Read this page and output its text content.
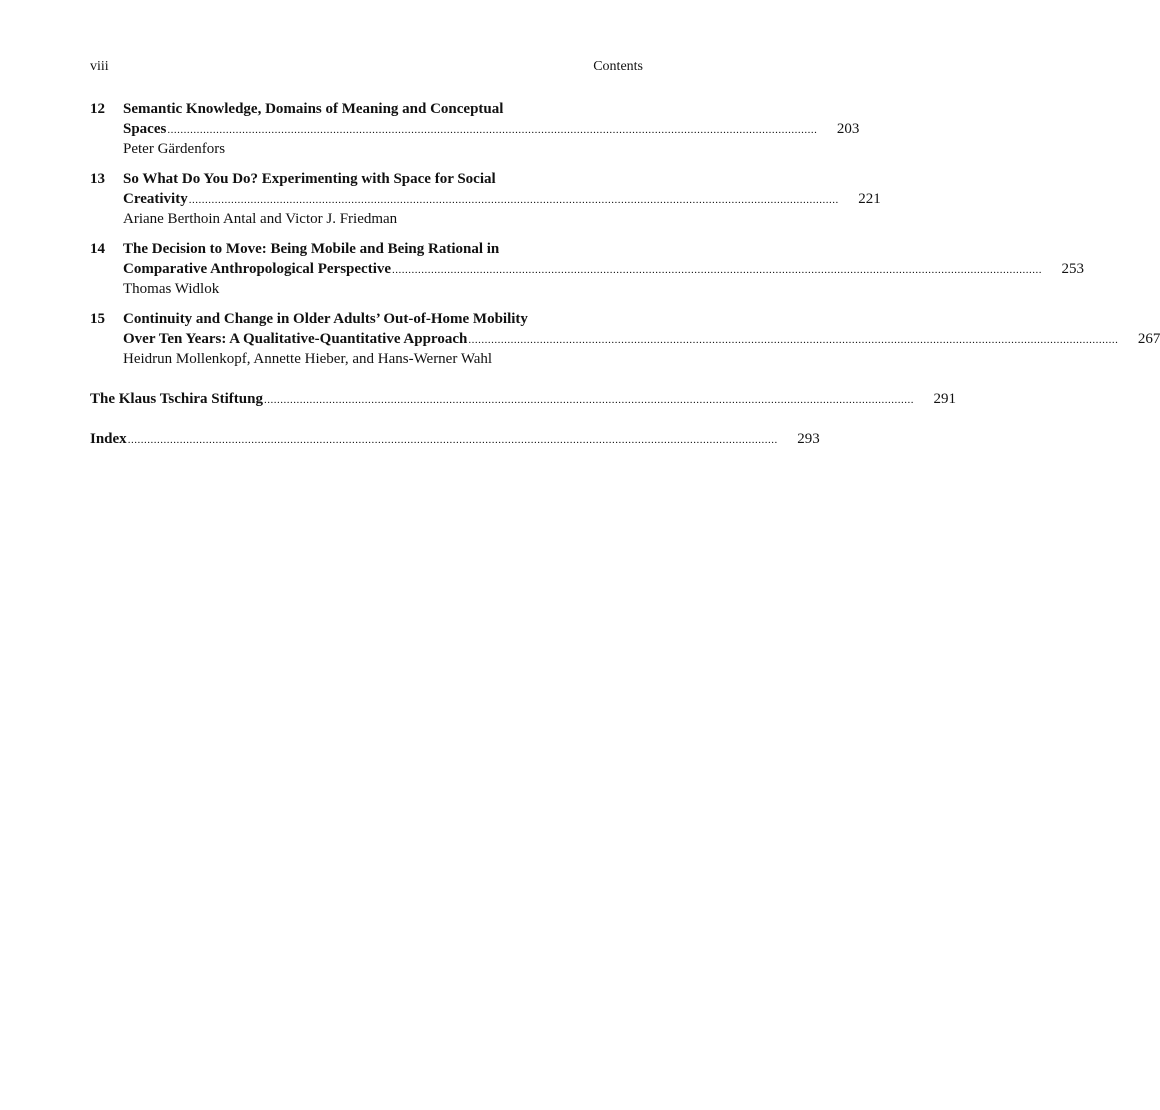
viii	Contents
12	Semantic Knowledge, Domains of Meaning and Conceptual
Spaces ........................................................................................................................................................................................................	203
Peter Gärdenfors
13	So What Do You Do? Experimenting with Space for Social
Creativity ........................................................................................................................................................................................................	221
Ariane Berthoin Antal and Victor J. Friedman
14	The Decision to Move: Being Mobile and Being Rational in
Comparative Anthropological Perspective ........................................................................................................................................................................................................	253
Thomas Widlok
15	Continuity and Change in Older Adults’ Out-of-Home Mobility
Over Ten Years: A Qualitative-Quantitative Approach ........................................................................................................................................................................................................	267
Heidrun Mollenkopf, Annette Hieber, and Hans-Werner Wahl
The Klaus Tschira Stiftung ........................................................................................................................................................................................................	291
Index ........................................................................................................................................................................................................	293
